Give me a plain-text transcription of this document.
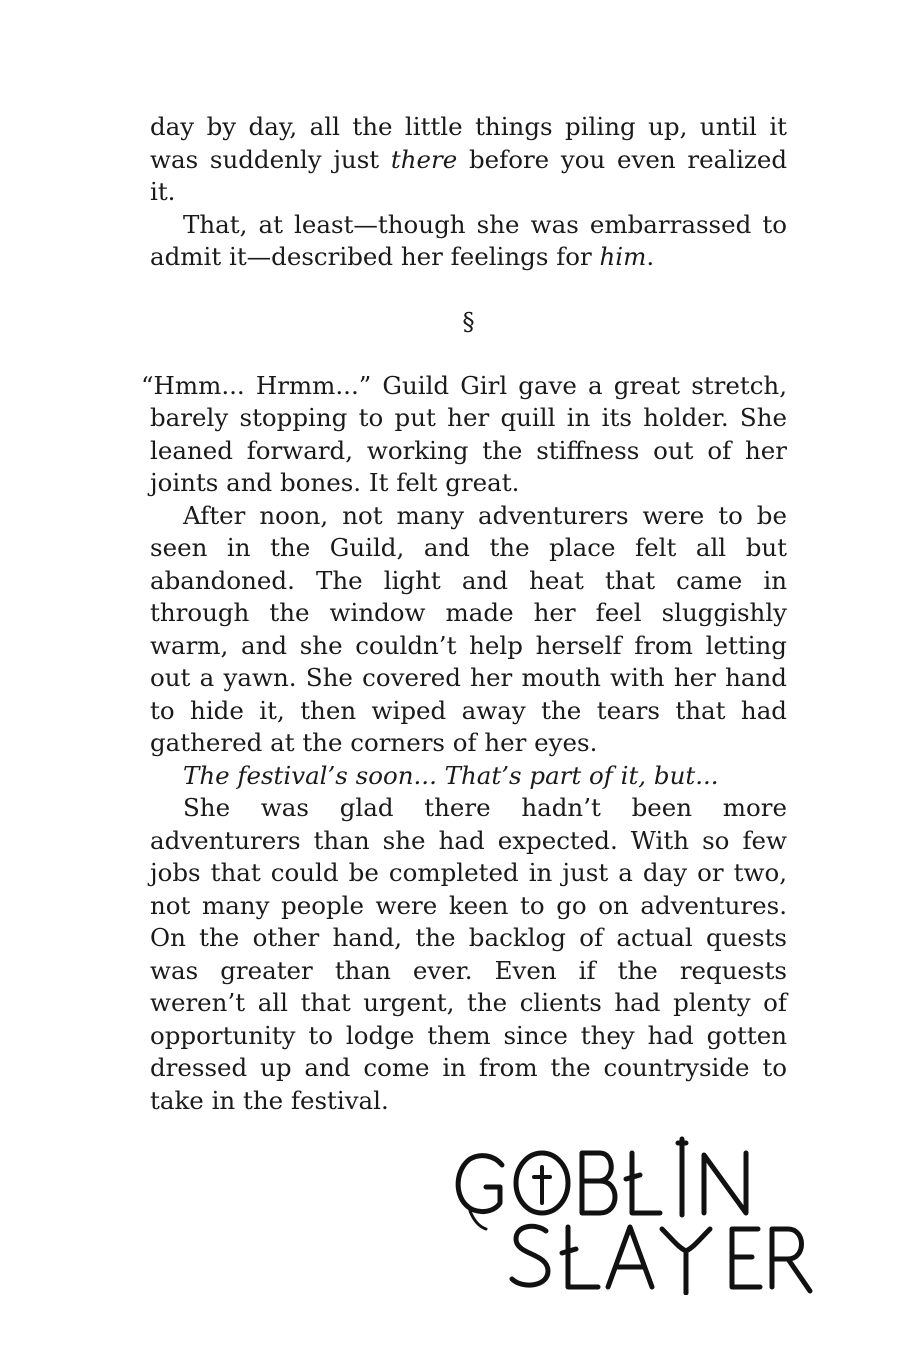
day by day, all the little things piling up, until it was suddenly just there before you even realized it.

That, at least—though she was embarrassed to admit it—described her feelings for him.

§

“Hmm... Hrmm...” Guild Girl gave a great stretch, barely stopping to put her quill in its holder. She leaned forward, working the stiffness out of her joints and bones. It felt great.

After noon, not many adventurers were to be seen in the Guild, and the place felt all but abandoned. The light and heat that came in through the window made her feel sluggishly warm, and she couldn’t help herself from letting out a yawn. She covered her mouth with her hand to hide it, then wiped away the tears that had gathered at the corners of her eyes.

The festival’s soon... That’s part of it, but...

She was glad there hadn’t been more adventurers than she had expected. With so few jobs that could be completed in just a day or two, not many people were keen to go on adventures. On the other hand, the backlog of actual quests was greater than ever. Even if the requests weren’t all that urgent, the clients had plenty of opportunity to lodge them since they had gotten dressed up and come in from the countryside to take in the festival.
